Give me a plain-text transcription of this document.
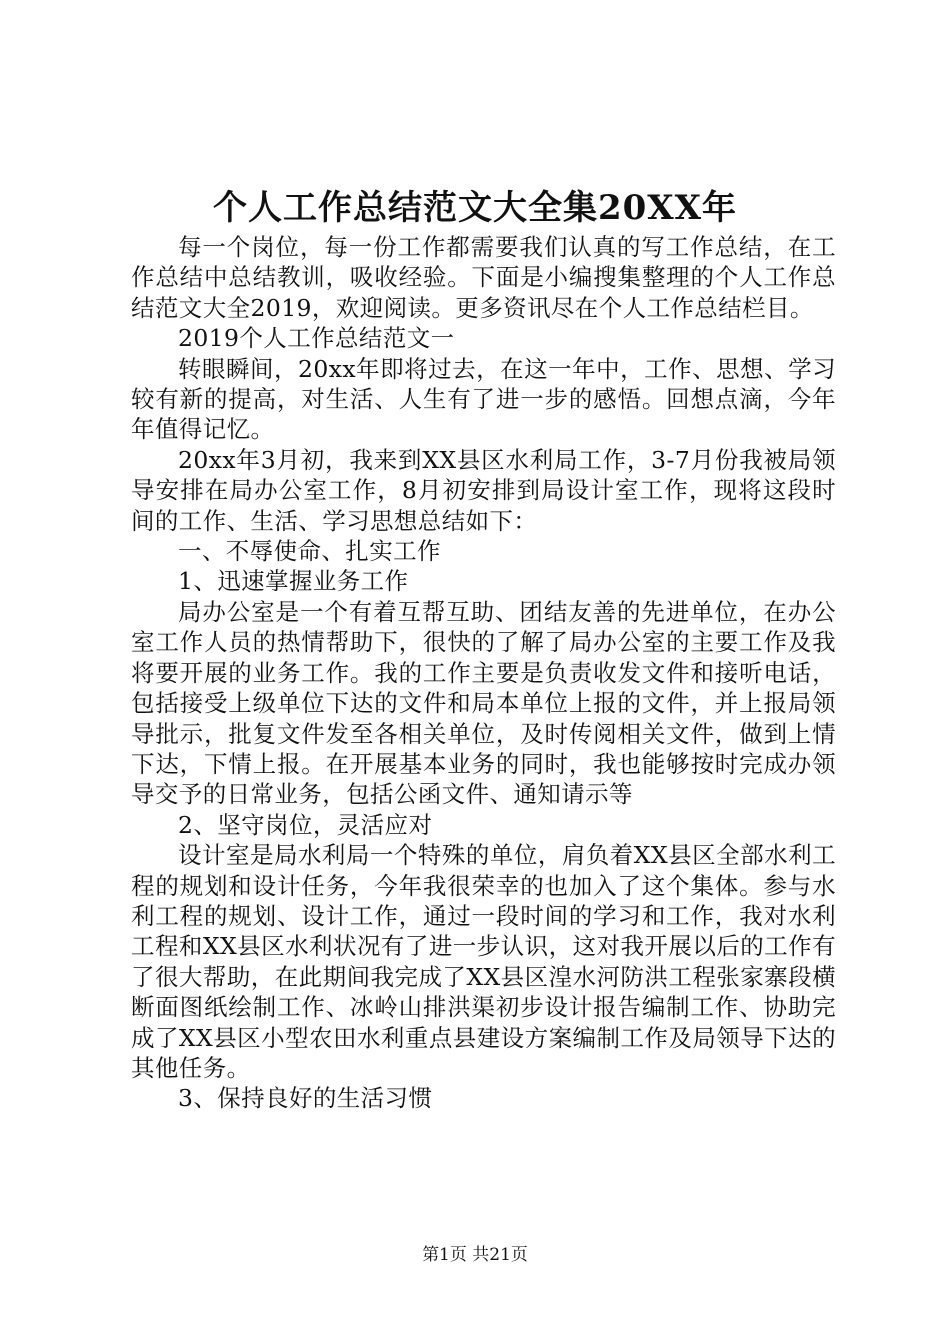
个人工作总结范文大全集20XX年

每一个岗位，每一份工作都需要我们认真的写工作总结，在工作总结中总结教训，吸收经验。下面是小编搜集整理的个人工作总结范文大全2019，欢迎阅读。更多资讯尽在个人工作总结栏目。

2019个人工作总结范文一

转眼瞬间，20xx年即将过去，在这一年中，工作、思想、学习较有新的提高，对生活、人生有了进一步的感悟。回想点滴，今年年值得记忆。

20xx年3月初，我来到XX县区水利局工作，3-7月份我被局领导安排在局办公室工作，8月初安排到局设计室工作，现将这段时间的工作、生活、学习思想总结如下：

一、不辱使命、扎实工作

1、迅速掌握业务工作

局办公室是一个有着互帮互助、团结友善的先进单位，在办公室工作人员的热情帮助下，很快的了解了局办公室的主要工作及我将要开展的业务工作。我的工作主要是负责收发文件和接听电话，包括接受上级单位下达的文件和局本单位上报的文件，并上报局领导批示，批复文件发至各相关单位，及时传阅相关文件，做到上情下达，下情上报。在开展基本业务的同时，我也能够按时完成办领导交予的日常业务，包括公函文件、通知请示等

2、坚守岗位，灵活应对

设计室是局水利局一个特殊的单位，肩负着XX县区全部水利工程的规划和设计任务，今年我很荣幸的也加入了这个集体。参与水利工程的规划、设计工作，通过一段时间的学习和工作，我对水利工程和XX县区水利状况有了进一步认识，这对我开展以后的工作有了很大帮助，在此期间我完成了XX县区湟水河防洪工程张家寨段横断面图纸绘制工作、冰岭山排洪渠初步设计报告编制工作、协助完成了XX县区小型农田水利重点县建设方案编制工作及局领导下达的其他任务。

3、保持良好的生活习惯

第1页 共21页
